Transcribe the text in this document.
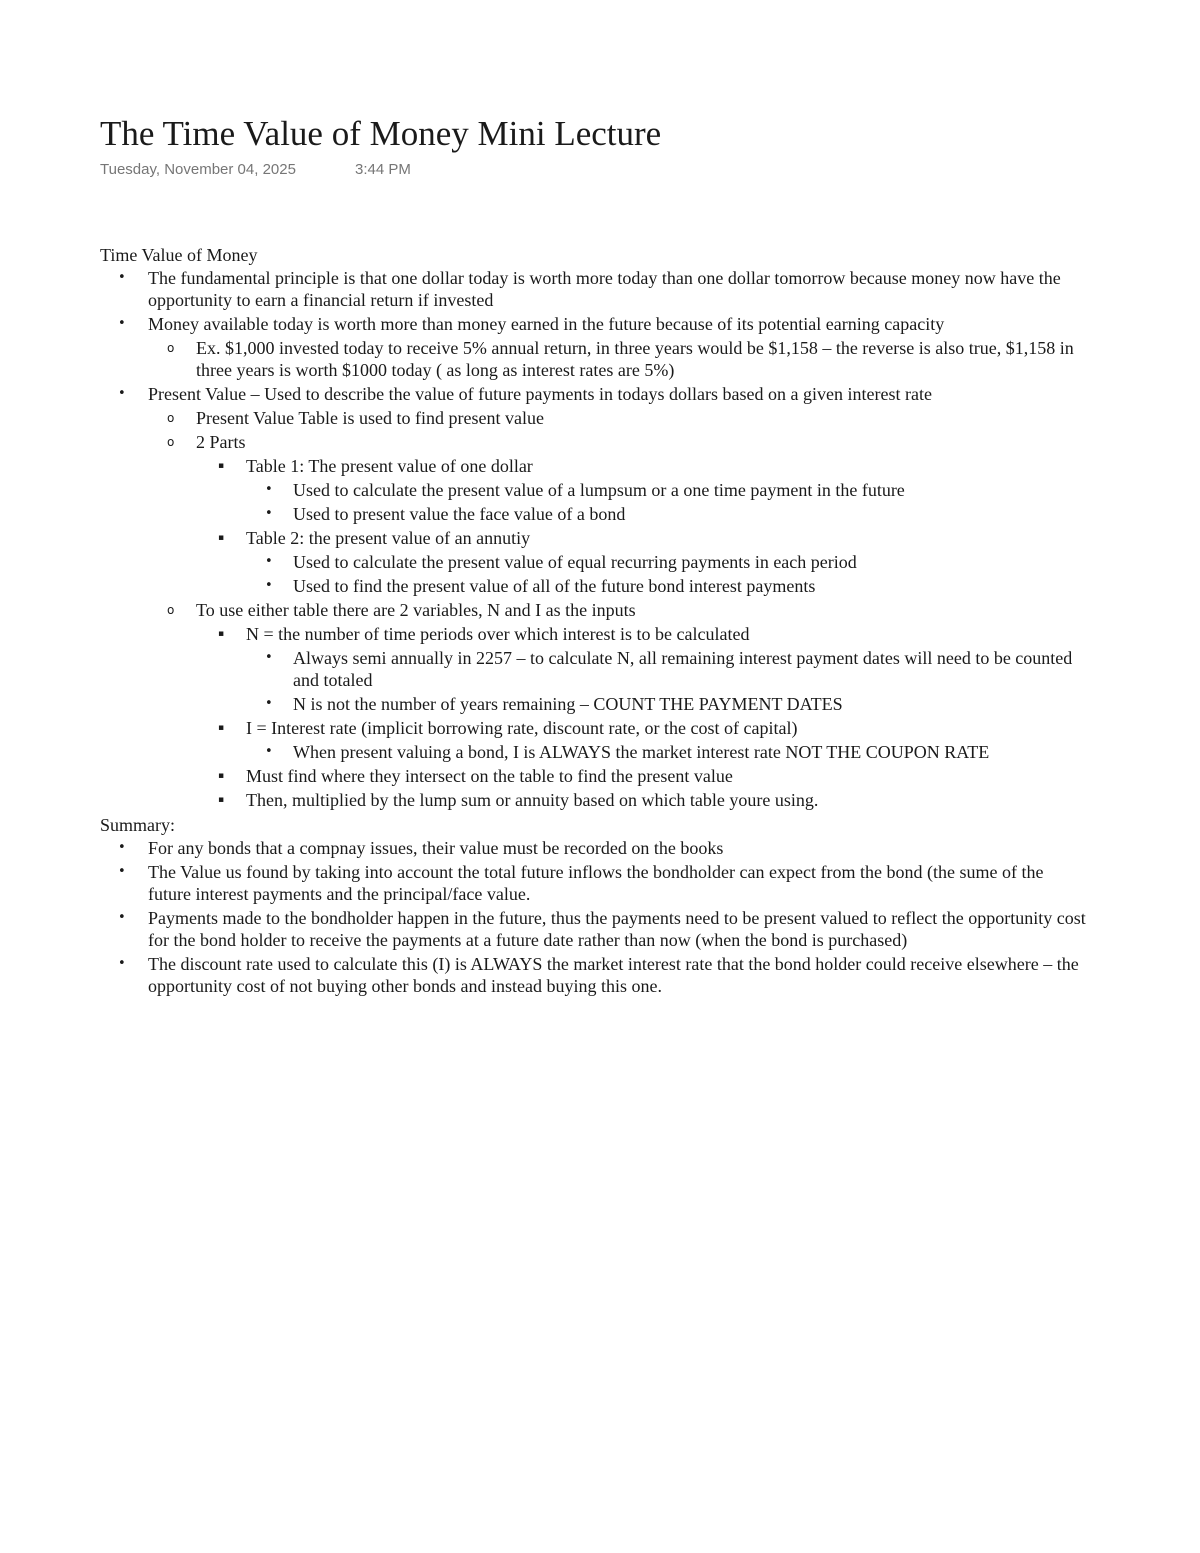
The Time Value of Money Mini Lecture
Tuesday, November 04, 2025	3:44 PM

Time Value of Money

• The fundamental principle is that one dollar today is worth more today than one dollar tomorrow because money now have the opportunity to earn a financial return if invested
• Money available today is worth more than money earned in the future because of its potential earning capacity
o Ex. $1,000 invested today to receive 5% annual return, in three years would be $1,158 – the reverse is also true, $1,158 in three years is worth $1000 today ( as long as interest rates are 5%)
• Present Value – Used to describe the value of future payments in todays dollars based on a given interest rate
o Present Value Table is used to find present value
o 2 Parts
▪ Table 1: The present value of one dollar
• Used to calculate the present value of a lumpsum or a one time payment in the future
• Used to present value the face value of a bond
▪ Table 2: the present value of an annutiy
• Used to calculate the present value of equal recurring payments in each period
• Used to find the present value of all of the future bond interest payments
o To use either table there are 2 variables, N and I as the inputs
▪ N = the number of time periods over which interest is to be calculated
• Always semi annually in 2257 – to calculate N, all remaining interest payment dates will need to be counted and totaled
• N is not the number of years remaining – COUNT THE PAYMENT DATES
▪ I = Interest rate (implicit borrowing rate, discount rate, or the cost of capital)
• When present valuing a bond, I is ALWAYS the market interest rate NOT THE COUPON RATE
▪ Must find where they intersect on the table to find the present value
▪ Then, multiplied by the lump sum or annuity based on which table youre using.

Summary:

• For any bonds that a compnay issues, their value must be recorded on the books
• The Value us found by taking into account the total future inflows the bondholder can expect from the bond (the sume of the future interest payments and the principal/face value.
• Payments made to the bondholder happen in the future, thus the payments need to be present valued to reflect the opportunity cost for the bond holder to receive the payments at a future date rather than now (when the bond is purchased)
• The discount rate used to calculate this (I) is ALWAYS the market interest rate that the bond holder could receive elsewhere – the opportunity cost of not buying other bonds and instead buying this one.
